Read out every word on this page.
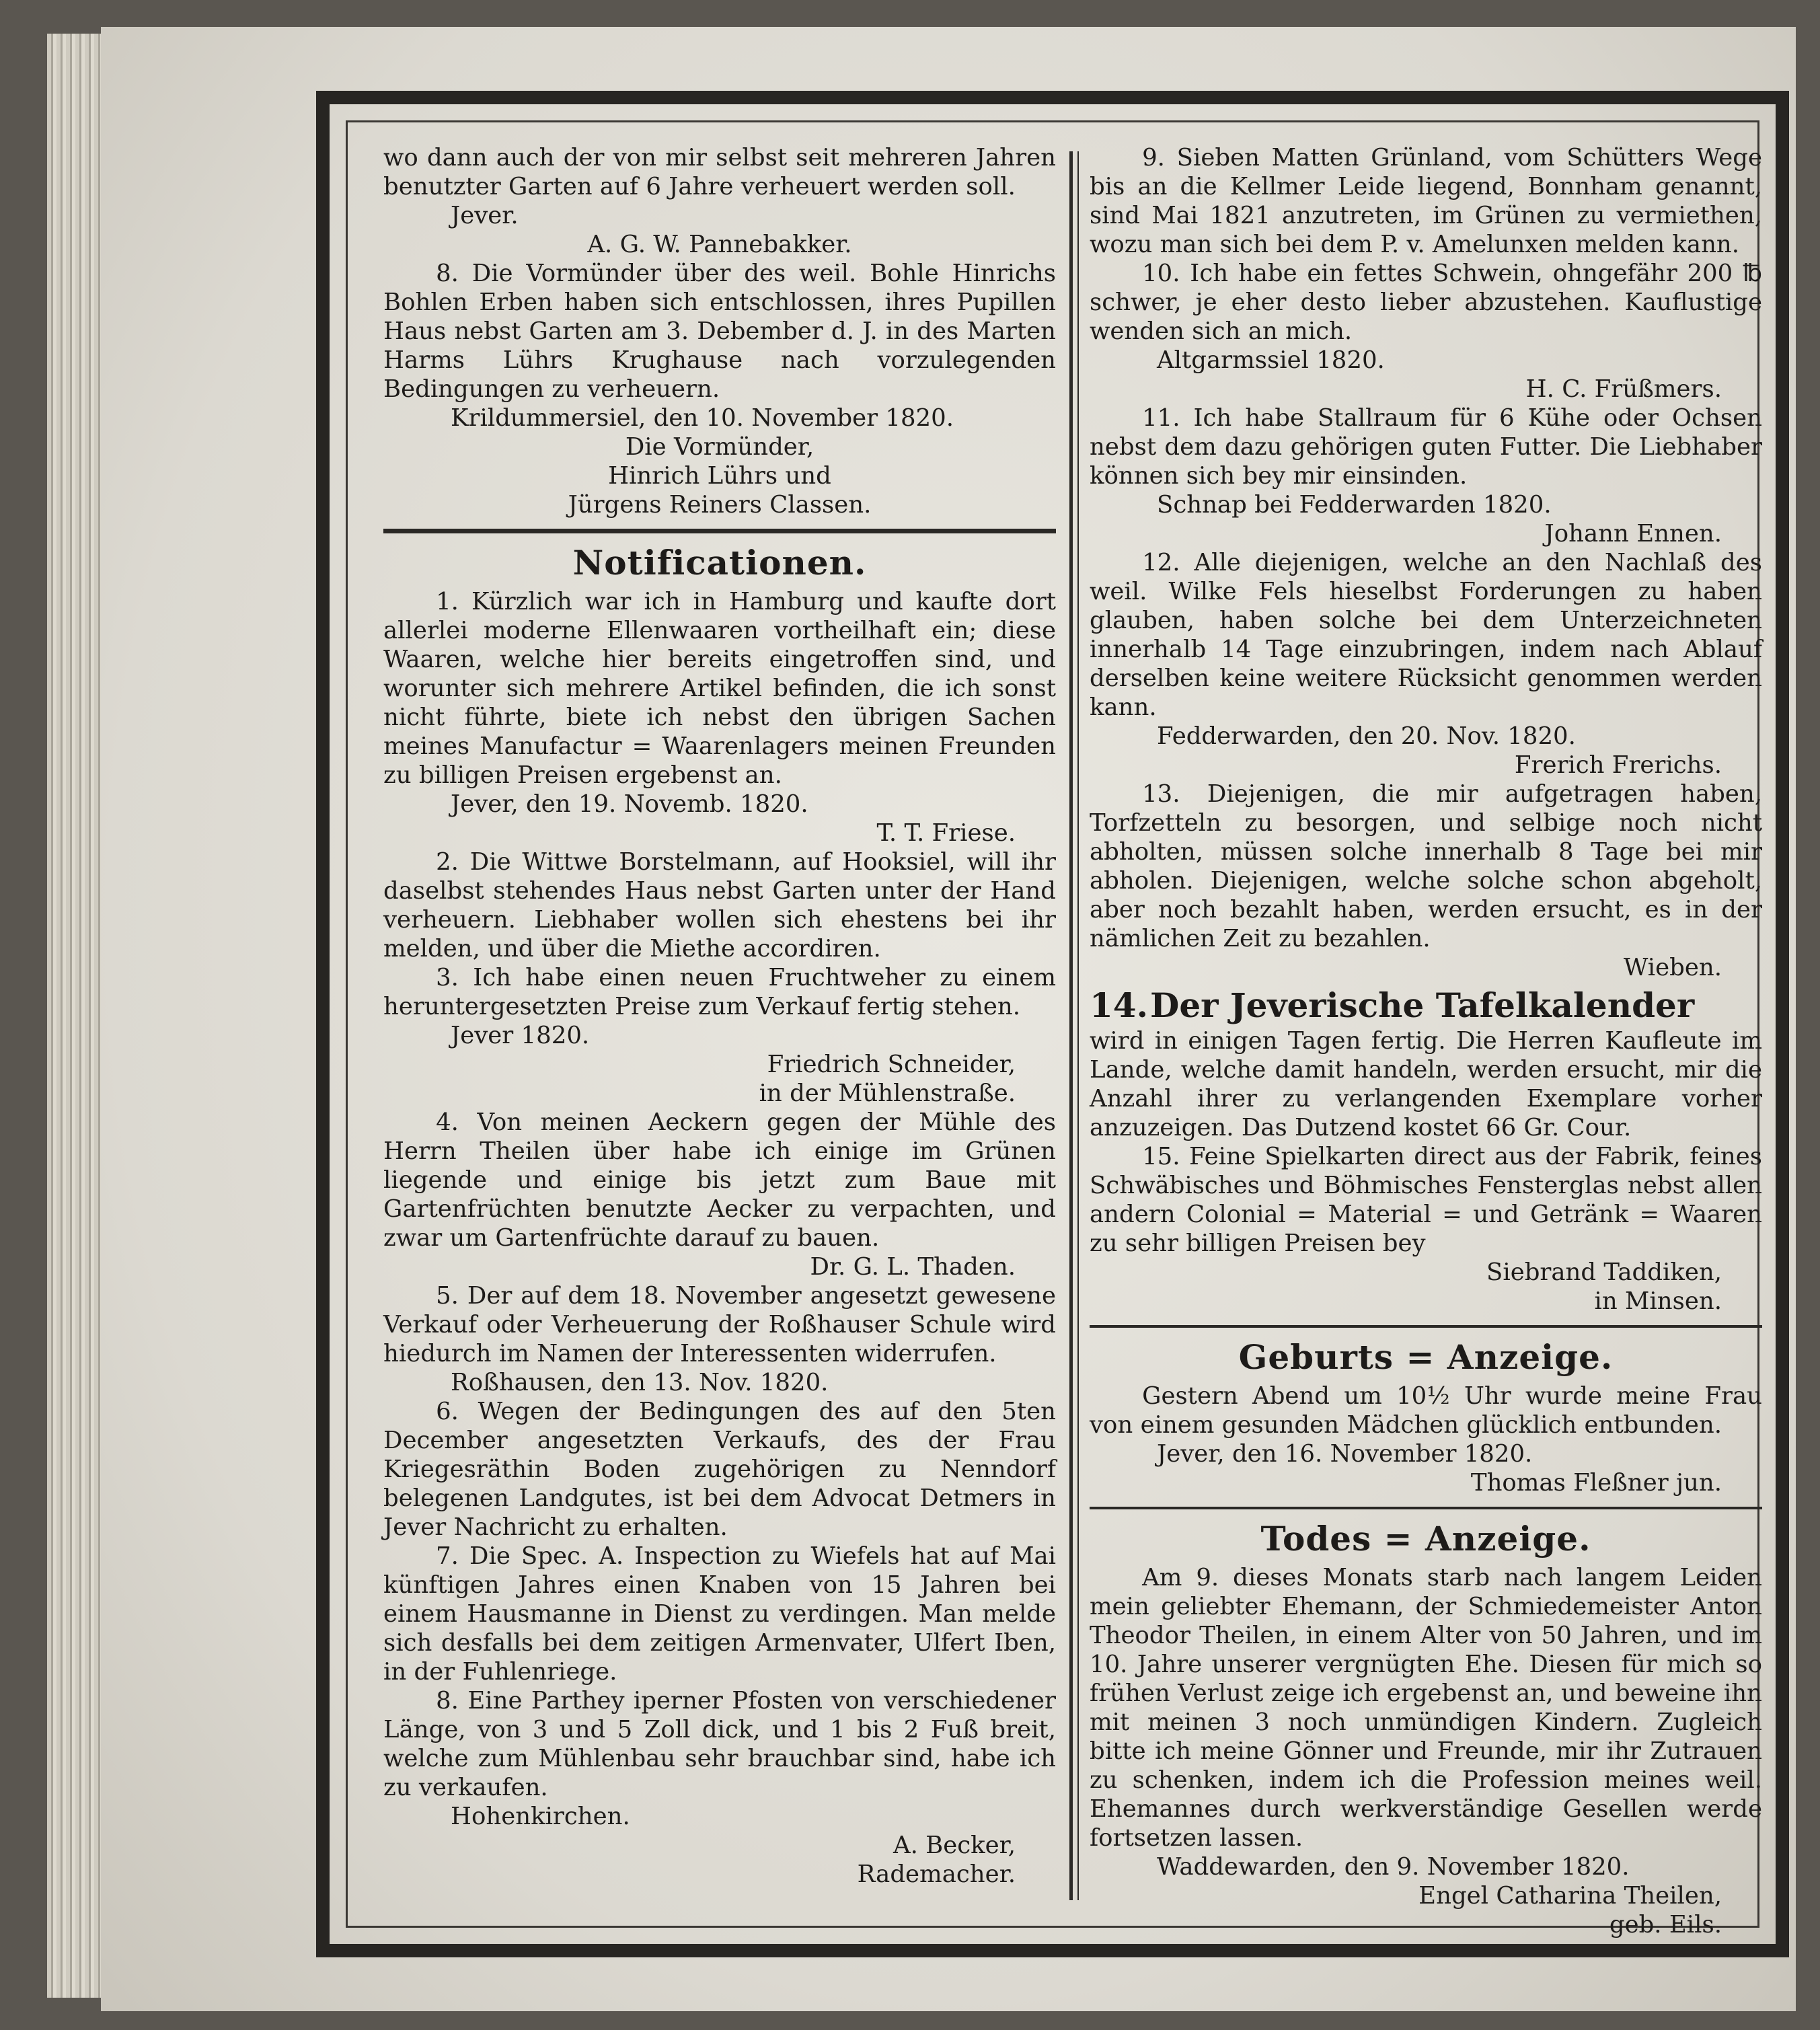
wo dann auch der von mir selbst seit mehreren Jahren benutzter Garten auf 6 Jahre verheuert werden soll.

Jever.

A. G. W. Pannebakker.

8. Die Vormünder über des weil. Bohle Hinrichs Bohlen Erben haben sich entschlossen, ihres Pupillen Haus nebst Garten am 3. Debember d. J. in des Marten Harms Lührs Krughause nach vorzulegenden Bedingungen zu verheuern.

Krildummersiel, den 10. November 1820.

Die Vormünder,

Hinrich Lührs und

Jürgens Reiners Classen.

Notificationen.

1. Kürzlich war ich in Hamburg und kaufte dort allerlei moderne Ellenwaaren vortheilhaft ein; diese Waaren, welche hier bereits eingetroffen sind, und worunter sich mehrere Artikel befinden, die ich sonst nicht führte, biete ich nebst den übrigen Sachen meines Manufactur = Waarenlagers meinen Freunden zu billigen Preisen ergebenst an.

Jever, den 19. Novemb. 1820.

T. T. Friese.

2. Die Wittwe Borstelmann, auf Hooksiel, will ihr daselbst stehendes Haus nebst Garten unter der Hand verheuern. Liebhaber wollen sich ehestens bei ihr melden, und über die Miethe accordiren.

3. Ich habe einen neuen Fruchtweher zu einem heruntergesetzten Preise zum Verkauf fertig stehen.

Jever 1820.

Friedrich Schneider,

in der Mühlenstraße.

4. Von meinen Aeckern gegen der Mühle des Herrn Theilen über habe ich einige im Grünen liegende und einige bis jetzt zum Baue mit Gartenfrüchten benutzte Aecker zu verpachten, und zwar um Gartenfrüchte darauf zu bauen.

Dr. G. L. Thaden.

5. Der auf dem 18. November angesetzt gewesene Verkauf oder Verheuerung der Roßhauser Schule wird hiedurch im Namen der Interessenten widerrufen.

Roßhausen, den 13. Nov. 1820.

6. Wegen der Bedingungen des auf den 5ten December angesetzten Verkaufs, des der Frau Kriegesräthin Boden zugehörigen zu Nenndorf belegenen Landgutes, ist bei dem Advocat Detmers in Jever Nachricht zu erhalten.

7. Die Spec. A. Inspection zu Wiefels hat auf Mai künftigen Jahres einen Knaben von 15 Jahren bei einem Hausmanne in Dienst zu verdingen. Man melde sich desfalls bei dem zeitigen Armenvater, Ulfert Iben, in der Fuhlenriege.

8. Eine Parthey iperner Pfosten von verschiedener Länge, von 3 und 5 Zoll dick, und 1 bis 2 Fuß breit, welche zum Mühlenbau sehr brauchbar sind, habe ich zu verkaufen.

Hohenkirchen.

A. Becker,

Rademacher.

9. Sieben Matten Grünland, vom Schütters Wege bis an die Kellmer Leide liegend, Bonnham genannt, sind Mai 1821 anzutreten, im Grünen zu vermiethen, wozu man sich bei dem P. v. Amelunxen melden kann.

10. Ich habe ein fettes Schwein, ohngefähr 200 ℔ schwer, je eher desto lieber abzustehen. Kauflustige wenden sich an mich.

Altgarmssiel 1820.

H. C. Früßmers.

11. Ich habe Stallraum für 6 Kühe oder Ochsen nebst dem dazu gehörigen guten Futter. Die Liebhaber können sich bey mir einsinden.

Schnap bei Fedderwarden 1820.

Johann Ennen.

12. Alle diejenigen, welche an den Nachlaß des weil. Wilke Fels hieselbst Forderungen zu haben glauben, haben solche bei dem Unterzeichneten innerhalb 14 Tage einzubringen, indem nach Ablauf derselben keine weitere Rücksicht genommen werden kann.

Fedderwarden, den 20. Nov. 1820.

Frerich Frerichs.

13. Diejenigen, die mir aufgetragen haben, Torfzetteln zu besorgen, und selbige noch nicht abholten, müssen solche innerhalb 8 Tage bei mir abholen. Diejenigen, welche solche schon abgeholt, aber noch bezahlt haben, werden ersucht, es in der nämlichen Zeit zu bezahlen.

Wieben.

14.Der Jeverische Tafelkalender

wird in einigen Tagen fertig. Die Herren Kaufleute im Lande, welche damit handeln, werden ersucht, mir die Anzahl ihrer zu verlangenden Exemplare vorher anzuzeigen. Das Dutzend kostet 66 Gr. Cour.

15. Feine Spielkarten direct aus der Fabrik, feines Schwäbisches und Böhmisches Fensterglas nebst allen andern Colonial = Material = und Getränk = Waaren zu sehr billigen Preisen bey

Siebrand Taddiken,

in Minsen.

Geburts = Anzeige.

Gestern Abend um 10½ Uhr wurde meine Frau von einem gesunden Mädchen glücklich entbunden.

Jever, den 16. November 1820.

Thomas Fleßner jun.

Todes = Anzeige.

Am 9. dieses Monats starb nach langem Leiden mein geliebter Ehemann, der Schmiedemeister Anton Theodor Theilen, in einem Alter von 50 Jahren, und im 10. Jahre unserer vergnügten Ehe. Diesen für mich so frühen Verlust zeige ich ergebenst an, und beweine ihn mit meinen 3 noch unmündigen Kindern. Zugleich bitte ich meine Gönner und Freunde, mir ihr Zutrauen zu schenken, indem ich die Profession meines weil. Ehemannes durch werkverständige Gesellen werde fortsetzen lassen.

Waddewarden, den 9. November 1820.

Engel Catharina Theilen,

geb. Eils.
